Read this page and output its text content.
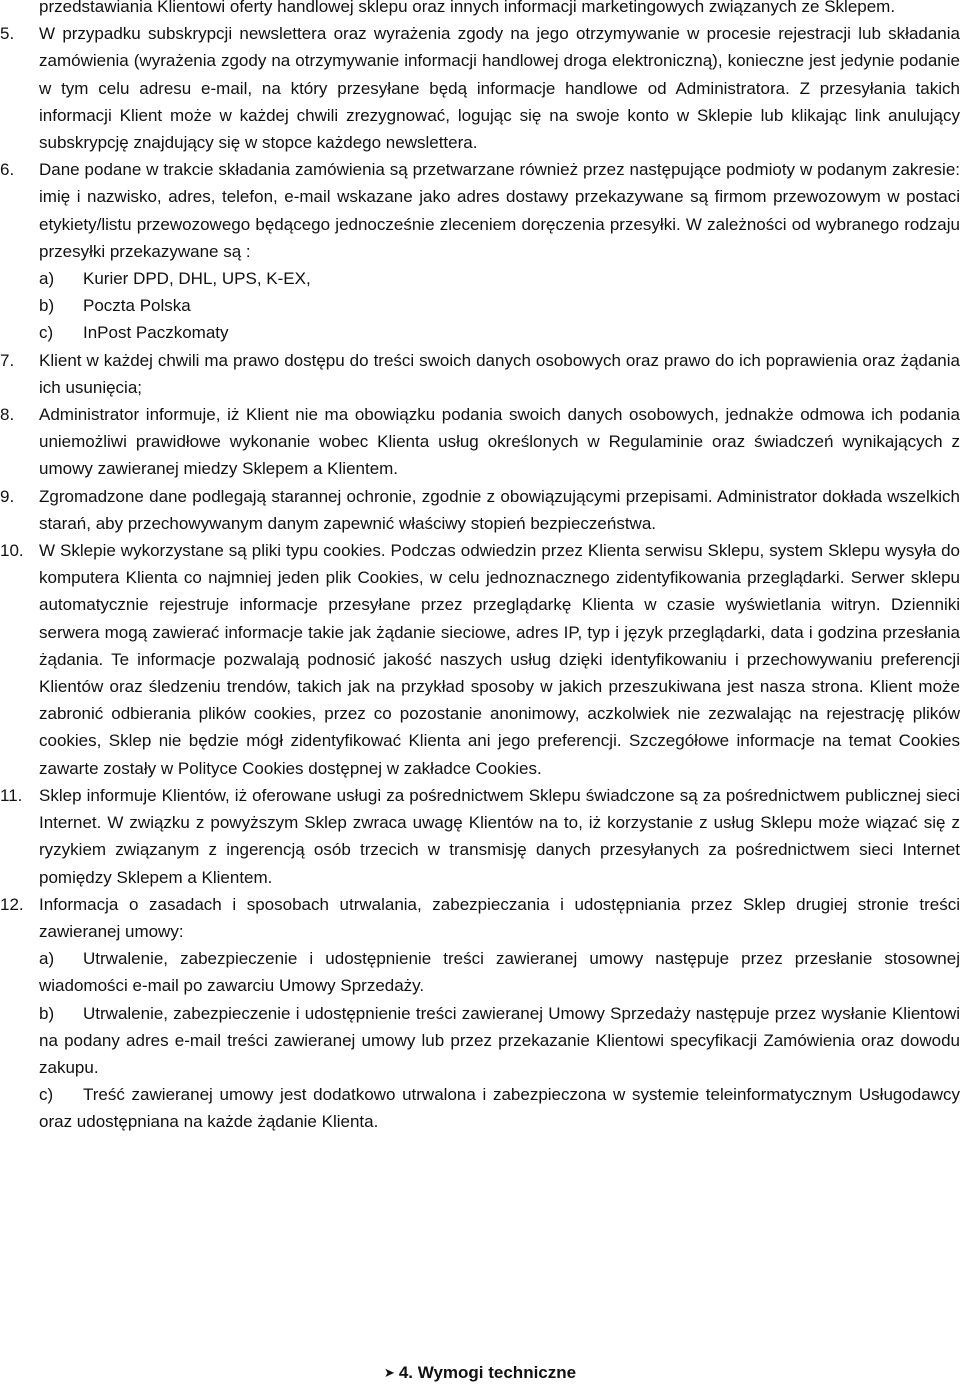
przedstawiania Klientowi oferty handlowej sklepu oraz innych informacji marketingowych związanych ze Sklepem.
5.	W przypadku subskrypcji newslettera oraz wyrażenia zgody na jego otrzymywanie w procesie rejestracji lub składania zamówienia (wyrażenia zgody na otrzymywanie informacji handlowej droga elektroniczną), konieczne jest jedynie podanie w tym celu adresu e-mail, na który przesyłane będą informacje handlowe od Administratora. Z przesyłania takich informacji Klient może w każdej chwili zrezygnować, logując się na swoje konto w Sklepie lub klikając link anulujący subskrypcję znajdujący się w stopce każdego newslettera.
6.	Dane podane w trakcie składania zamówienia są przetwarzane również przez następujące podmioty w podanym zakresie: imię i nazwisko, adres, telefon, e-mail wskazane jako adres dostawy przekazywane są firmom przewozowym w postaci etykiety/listu przewozowego będącego jednocześnie zleceniem doręczenia przesyłki. W zależności od wybranego rodzaju przesyłki przekazywane są :
a)	Kurier DPD, DHL, UPS, K-EX,
b)	Poczta Polska
c)	InPost Paczkomaty
7.	Klient w każdej chwili ma prawo dostępu do treści swoich danych osobowych oraz prawo do ich poprawienia oraz żądania ich usunięcia;
8.	Administrator informuje, iż Klient nie ma obowiązku podania swoich danych osobowych, jednakże odmowa ich podania uniemożliwi prawidłowe wykonanie wobec Klienta usług określonych w Regulaminie oraz świadczeń wynikających z umowy zawieranej miedzy Sklepem a Klientem.
9.	Zgromadzone dane podlegają starannej ochronie, zgodnie z obowiązującymi przepisami. Administrator dokłada wszelkich starań, aby przechowywanym danym zapewnić właściwy stopień bezpieczeństwa.
10. W Sklepie wykorzystane są pliki typu cookies. Podczas odwiedzin przez Klienta serwisu Sklepu, system Sklepu wysyła do komputera Klienta co najmniej jeden plik Cookies, w celu jednoznacznego zidentyfikowania przeglądarki. Serwer sklepu automatycznie rejestruje informacje przesyłane przez przeglądarkę Klienta w czasie wyświetlania witryn. Dzienniki serwera mogą zawierać informacje takie jak żądanie sieciowe, adres IP, typ i język przeglądarki, data i godzina przesłania żądania. Te informacje pozwalają podnosić jakość naszych usług dzięki identyfikowaniu i przechowywaniu preferencji Klientów oraz śledzeniu trendów, takich jak na przykład sposoby w jakich przeszukiwana jest nasza strona. Klient może zabronić odbierania plików cookies, przez co pozostanie anonimowy, aczkolwiek nie zezwalając na rejestrację plików cookies, Sklep nie będzie mógł zidentyfikować Klienta ani jego preferencji. Szczegółowe informacje na temat Cookies zawarte zostały w Polityce Cookies dostępnej w zakładce Cookies.
11. Sklep informuje Klientów, iż oferowane usługi za pośrednictwem Sklepu świadczone są za pośrednictwem publicznej sieci Internet. W związku z powyższym Sklep zwraca uwagę Klientów na to, iż korzystanie z usług Sklepu może wiązać się z ryzykiem związanym z ingerencją osób trzecich w transmisję danych przesyłanych za pośrednictwem sieci Internet pomiędzy Sklepem a Klientem.
12. Informacja o zasadach i sposobach utrwalania, zabezpieczania i udostępniania przez Sklep drugiej stronie treści zawieranej umowy:
a) Utrwalenie, zabezpieczenie i udostępnienie treści zawieranej umowy następuje przez przesłanie stosownej wiadomości e-mail po zawarciu Umowy Sprzedaży.
b) Utrwalenie, zabezpieczenie i udostępnienie treści zawieranej Umowy Sprzedaży następuje przez wysłanie Klientowi na podany adres e-mail treści zawieranej umowy lub przez przekazanie Klientowi specyfikacji Zamówienia oraz dowodu zakupu.
c) Treść zawieranej umowy jest dodatkowo utrwalona i zabezpieczona w systemie teleinformatycznym Usługodawcy oraz udostępniana na każde żądanie Klienta.
➤ 4. Wymogi techniczne
